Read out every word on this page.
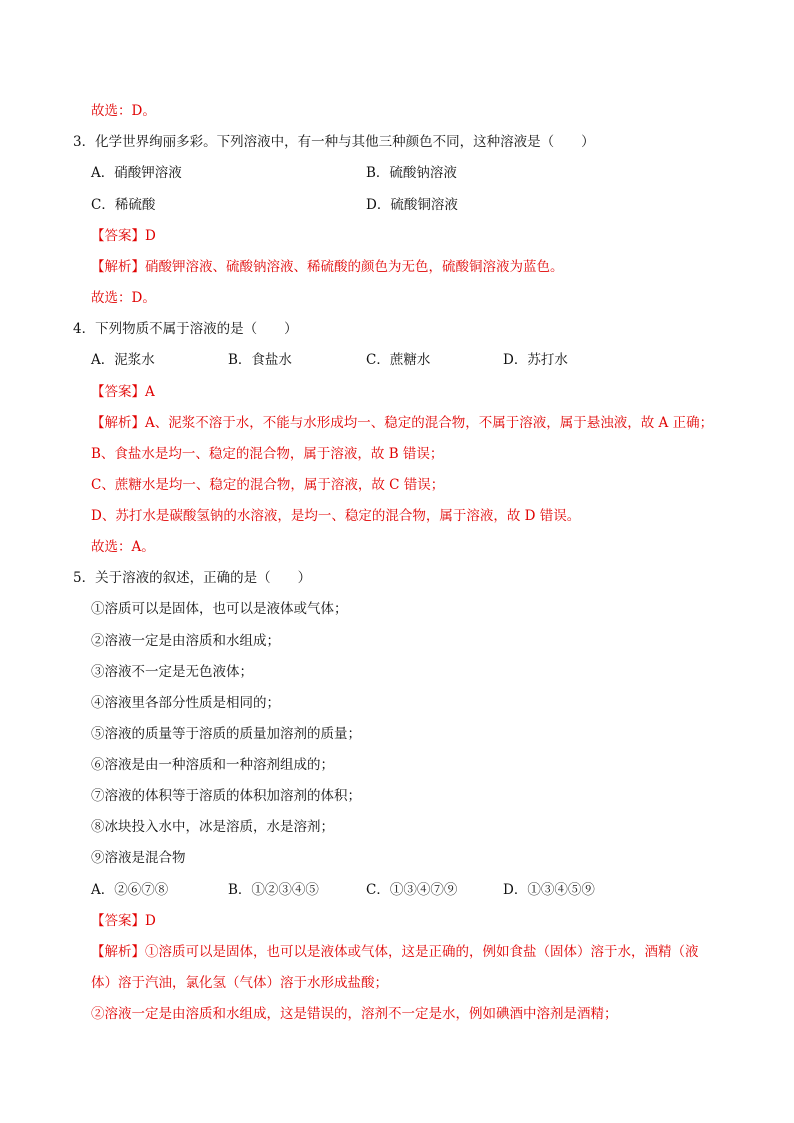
故选：D。
3．化学世界绚丽多彩。下列溶液中，有一种与其他三种颜色不同，这种溶液是（　　）
A．硝酸钾溶液	B．硫酸钠溶液
C．稀硫酸	D．硫酸铜溶液
【答案】D
【解析】硝酸钾溶液、硫酸钠溶液、稀硫酸的颜色为无色，硫酸铜溶液为蓝色。
故选：D。
4．下列物质不属于溶液的是（　　）
A．泥浆水	B．食盐水	C．蔗糖水	D．苏打水
【答案】A
【解析】A、泥浆不溶于水，不能与水形成均一、稳定的混合物，不属于溶液，属于悬浊液，故 A 正确；
B、食盐水是均一、稳定的混合物，属于溶液，故 B 错误；
C、蔗糖水是均一、稳定的混合物，属于溶液，故 C 错误；
D、苏打水是碳酸氢钠的水溶液，是均一、稳定的混合物，属于溶液，故 D 错误。
故选：A。
5．关于溶液的叙述，正确的是（　　）
①溶质可以是固体，也可以是液体或气体；
②溶液一定是由溶质和水组成；
③溶液不一定是无色液体；
④溶液里各部分性质是相同的；
⑤溶液的质量等于溶质的质量加溶剂的质量；
⑥溶液是由一种溶质和一种溶剂组成的；
⑦溶液的体积等于溶质的体积加溶剂的体积；
⑧冰块投入水中，冰是溶质，水是溶剂；
⑨溶液是混合物
A．②⑥⑦⑧	B．①②③④⑤	C．①③④⑦⑨	D．①③④⑤⑨
【答案】D
【解析】①溶质可以是固体，也可以是液体或气体，这是正确的，例如食盐（固体）溶于水，酒精（液
体）溶于汽油，氯化氢（气体）溶于水形成盐酸；
②溶液一定是由溶质和水组成，这是错误的，溶剂不一定是水，例如碘酒中溶剂是酒精；
